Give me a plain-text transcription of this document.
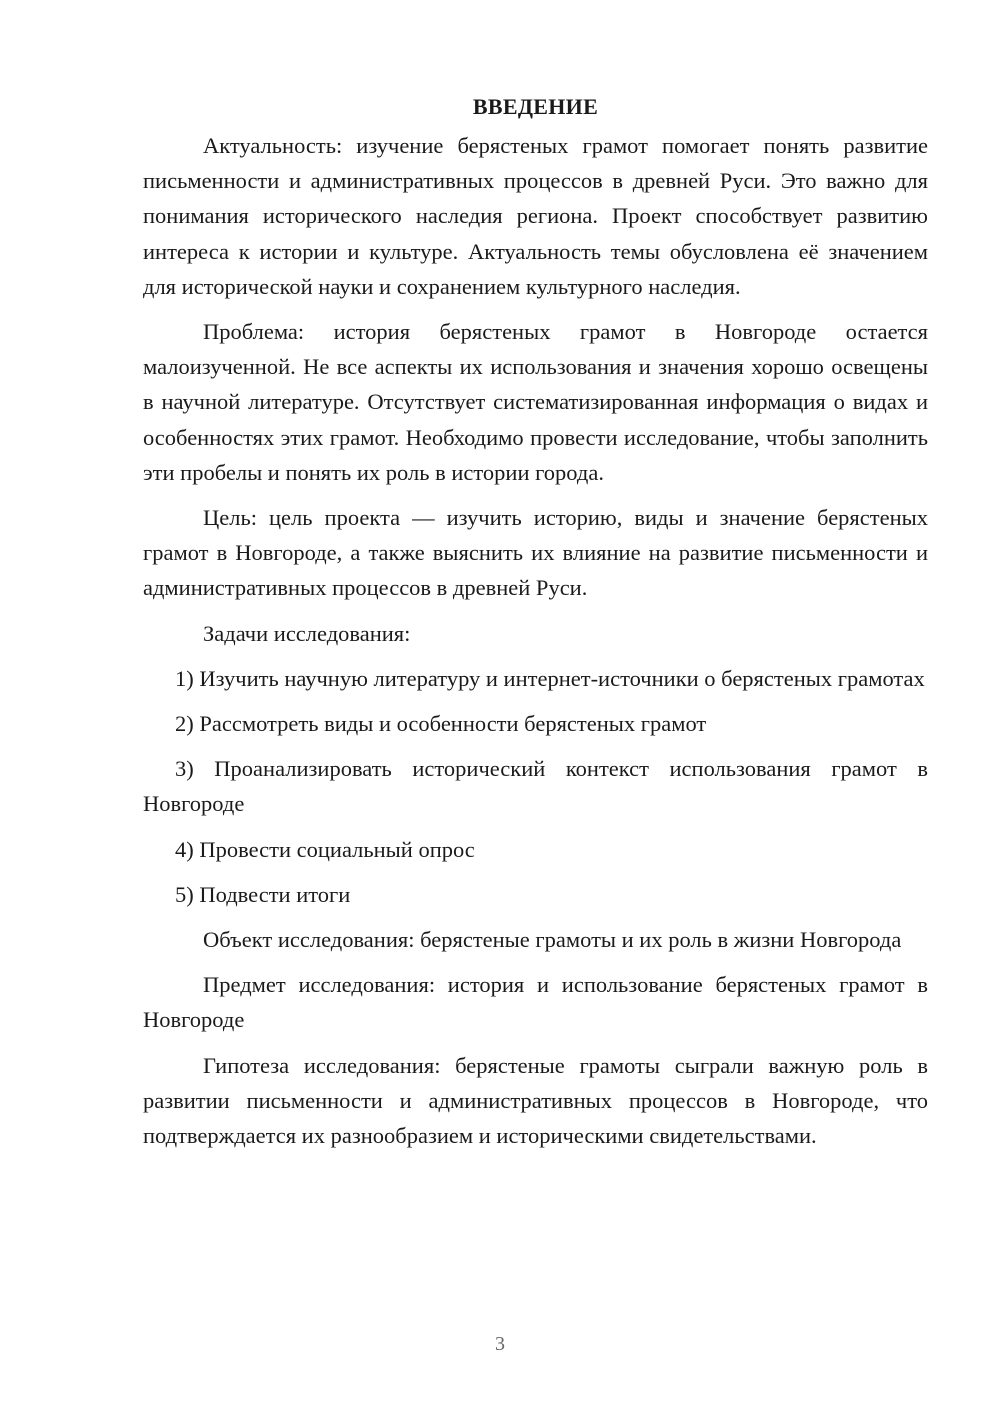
ВВЕДЕНИЕ

Актуальность: изучение берястеных грамот помогает понять развитие письменности и административных процессов в древней Руси. Это важно для понимания исторического наследия региона. Проект способствует развитию интереса к истории и культуре. Актуальность темы обусловлена её значением для исторической науки и сохранением культурного наследия.

Проблема: история берястеных грамот в Новгороде остается малоизученной. Не все аспекты их использования и значения хорошо освещены в научной литературе. Отсутствует систематизированная информация о видах и особенностях этих грамот. Необходимо провести исследование, чтобы заполнить эти пробелы и понять их роль в истории города.

Цель: цель проекта — изучить историю, виды и значение берястеных грамот в Новгороде, а также выяснить их влияние на развитие письменности и административных процессов в древней Руси.

Задачи исследования:

1) Изучить научную литературу и интернет-источники о берястеных грамотах

2) Рассмотреть виды и особенности берястеных грамот

3) Проанализировать исторический контекст использования грамот в Новгороде

4) Провести социальный опрос

5) Подвести итоги

Объект исследования: берястеные грамоты и их роль в жизни Новгорода

Предмет исследования: история и использование берястеных грамот в Новгороде

Гипотеза исследования: берястеные грамоты сыграли важную роль в развитии письменности и административных процессов в Новгороде, что подтверждается их разнообразием и историческими свидетельствами.

3
